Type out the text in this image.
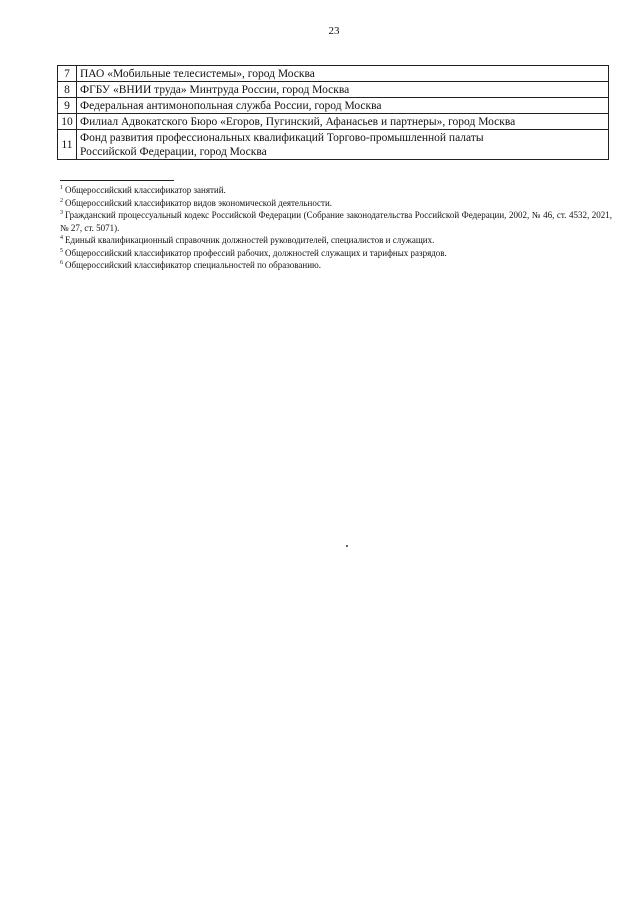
23
7	ПАО «Мобильные телесистемы», город Москва
8	ФГБУ «ВНИИ труда» Минтруда России, город Москва
9	Федеральная антимонопольная служба России, город Москва
10	Филиал Адвокатского Бюро «Егоров, Пугинский, Афанасьев и партнеры», город Москва
11	Фонд развития профессиональных квалификаций Торгово-промышленной палаты
Российской Федерации, город Москва
$^1$ Общероссийский классификатор занятий.
$^2$ Общероссийский классификатор видов экономической деятельности.
$^3$ Гражданский процессуальный кодекс Российской Федерации (Собрание законодательства Российской Федерации, 2002, № 46, ст. 4532, 2021, № 27, ст. 5071).
$^4$ Единый квалификационный справочник должностей руководителей, специалистов и служащих.
$^5$ Общероссийский классификатор профессий рабочих, должностей служащих и тарифных разрядов.
$^6$ Общероссийский классификатор специальностей по образованию.
